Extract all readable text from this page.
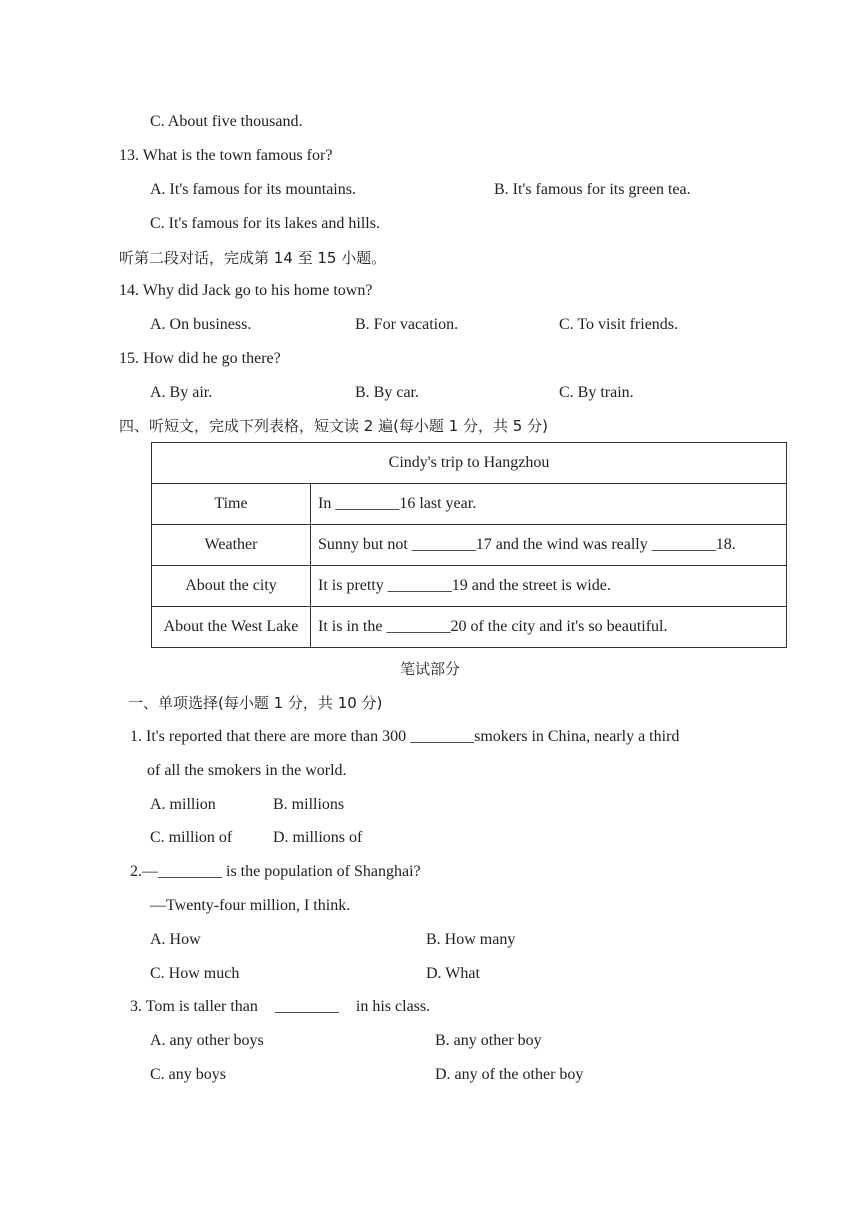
C. About five thousand.
13. What is the town famous for?
A. It's famous for its mountains.	B. It's famous for its green tea.
C. It's famous for its lakes and hills.
听第二段对话，完成第 14 至 15 小题。
14. Why did Jack go to his home town?
A. On business.	B. For vacation.	C. To visit friends.
15. How did he go there?
A. By air.	B. By car.	C. By train.
四、听短文，完成下列表格，短文读 2 遍(每小题 1 分，共 5 分)
Cindy's trip to Hangzhou	
Time	In ________16 last year.
Weather	Sunny but not ________17 and the wind was really ________18.
About the city	It is pretty ________19 and the street is wide.
About the West Lake	It is in the ________20 of the city and it's so beautiful.
笔试部分
一、单项选择(每小题 1 分，共 10 分)
1. It's reported that there are more than 300 ________smokers in China, nearly a third
of all the smokers in the world.
A. million	B. millions
C. million of	D. millions of
2.—________ is the population of Shanghai?
—Twenty-four million, I think.
A. How	B. How many
C. How much	D. What
3. Tom is taller than ________ in his class.
A. any other boys	B. any other boy
C. any boys	D. any of the other boy
